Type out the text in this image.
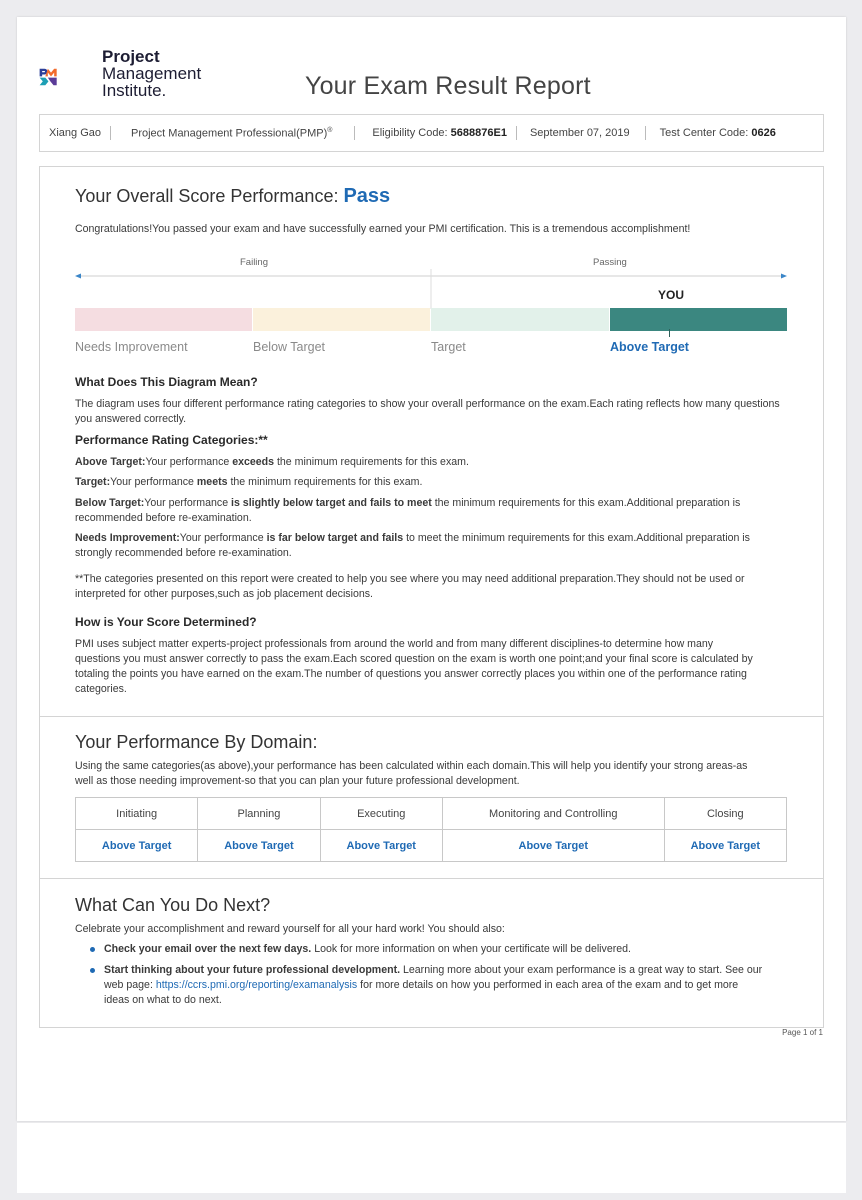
Project
Management
Institute.	Your Exam Result Report
Xiang Gao	Project Management Professional(PMP)®	Eligibility Code: 5688876E1	September 07, 2019	Test Center Code: 0626
Your Overall Score Performance: Pass
Congratulations!You passed your exam and have successfully earned your PMI certification. This is a tremendous accomplishment!
Failing	Passing
YOU
Needs Improvement	Below Target	Target	Above Target
What Does This Diagram Mean?
The diagram uses four different performance rating categories to show your overall performance on the exam.Each rating reflects how many questions you answered correctly.
Performance Rating Categories:**
Above Target:Your performance exceeds the minimum requirements for this exam.
Target:Your performance meets the minimum requirements for this exam.
Below Target:Your performance is slightly below target and fails to meet the minimum requirements for this exam.Additional preparation is
recommended before re-examination.
Needs Improvement:Your performance is far below target and fails to meet the minimum requirements for this exam.Additional preparation is
strongly recommended before re-examination.
**The categories presented on this report were created to help you see where you may need additional preparation.They should not be used or
interpreted for other purposes,such as job placement decisions.
How is Your Score Determined?
PMI uses subject matter experts-project professionals from around the world and from many different disciplines-to determine how many
questions you must answer correctly to pass the exam.Each scored question on the exam is worth one point;and your final score is calculated by
totaling the points you have earned on the exam.The number of questions you answer correctly places you within one of the performance rating
categories.
Your Performance By Domain:
Using the same categories(as above),your performance has been calculated within each domain.This will help you identify your strong areas-as
well as those needing improvement-so that you can plan your future professional development.
Initiating	Planning	Executing	Monitoring and Controlling	Closing
Above Target	Above Target	Above Target	Above Target	Above Target
What Can You Do Next?
Celebrate your accomplishment and reward yourself for all your hard work! You should also:
Check your email over the next few days. Look for more information on when your certificate will be delivered.
Start thinking about your future professional development. Learning more about your exam performance is a great way to start. See our
web page: https://ccrs.pmi.org/reporting/examanalysis for more details on how you performed in each area of the exam and to get more
ideas on what to do next.
Page 1 of 1
